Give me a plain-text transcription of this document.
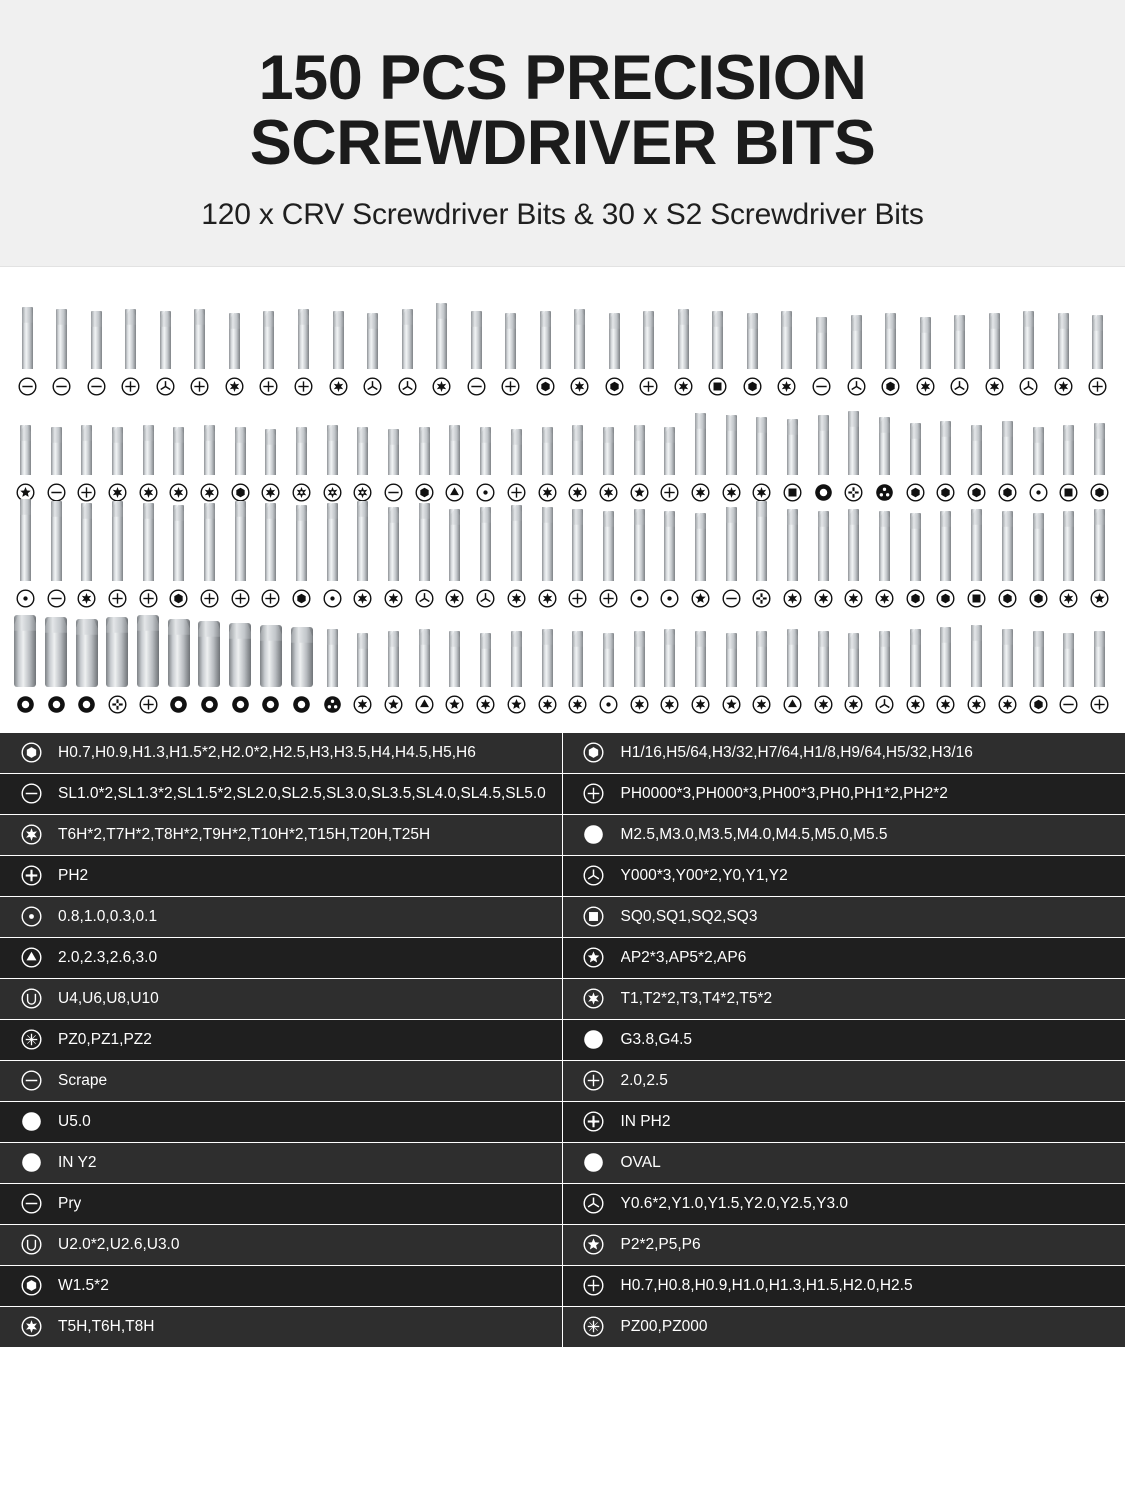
150 PCS PRECISION
SCREWDRIVER BITS
120 x CRV Screwdriver Bits & 30 x S2 Screwdriver Bits
H0.7,H0.9,H1.3,H1.5*2,H2.0*2,H2.5,H3,H3.5,H4,H4.5,H5,H6	H1/16,H5/64,H3/32,H7/64,H1/8,H9/64,H5/32,H3/16
SL1.0*2,SL1.3*2,SL1.5*2,SL2.0,SL2.5,SL3.0,SL3.5,SL4.0,SL4.5,SL5.0	PH0000*3,PH000*3,PH00*3,PH0,PH1*2,PH2*2
T6H*2,T7H*2,T8H*2,T9H*2,T10H*2,T15H,T20H,T25H	M2.5,M3.0,M3.5,M4.0,M4.5,M5.0,M5.5
PH2	Y000*3,Y00*2,Y0,Y1,Y2
0.8,1.0,0.3,0.1	SQ0,SQ1,SQ2,SQ3
2.0,2.3,2.6,3.0	AP2*3,AP5*2,AP6
U4,U6,U8,U10	T1,T2*2,T3,T4*2,T5*2
PZ0,PZ1,PZ2	G3.8,G4.5
Scrape	2.0,2.5
U5.0	IN PH2
IN Y2	OVAL
Pry	Y0.6*2,Y1.0,Y1.5,Y2.0,Y2.5,Y3.0
U2.0*2,U2.6,U3.0	P2*2,P5,P6
W1.5*2	H0.7,H0.8,H0.9,H1.0,H1.3,H1.5,H2.0,H2.5
T5H,T6H,T8H	PZ00,PZ000
